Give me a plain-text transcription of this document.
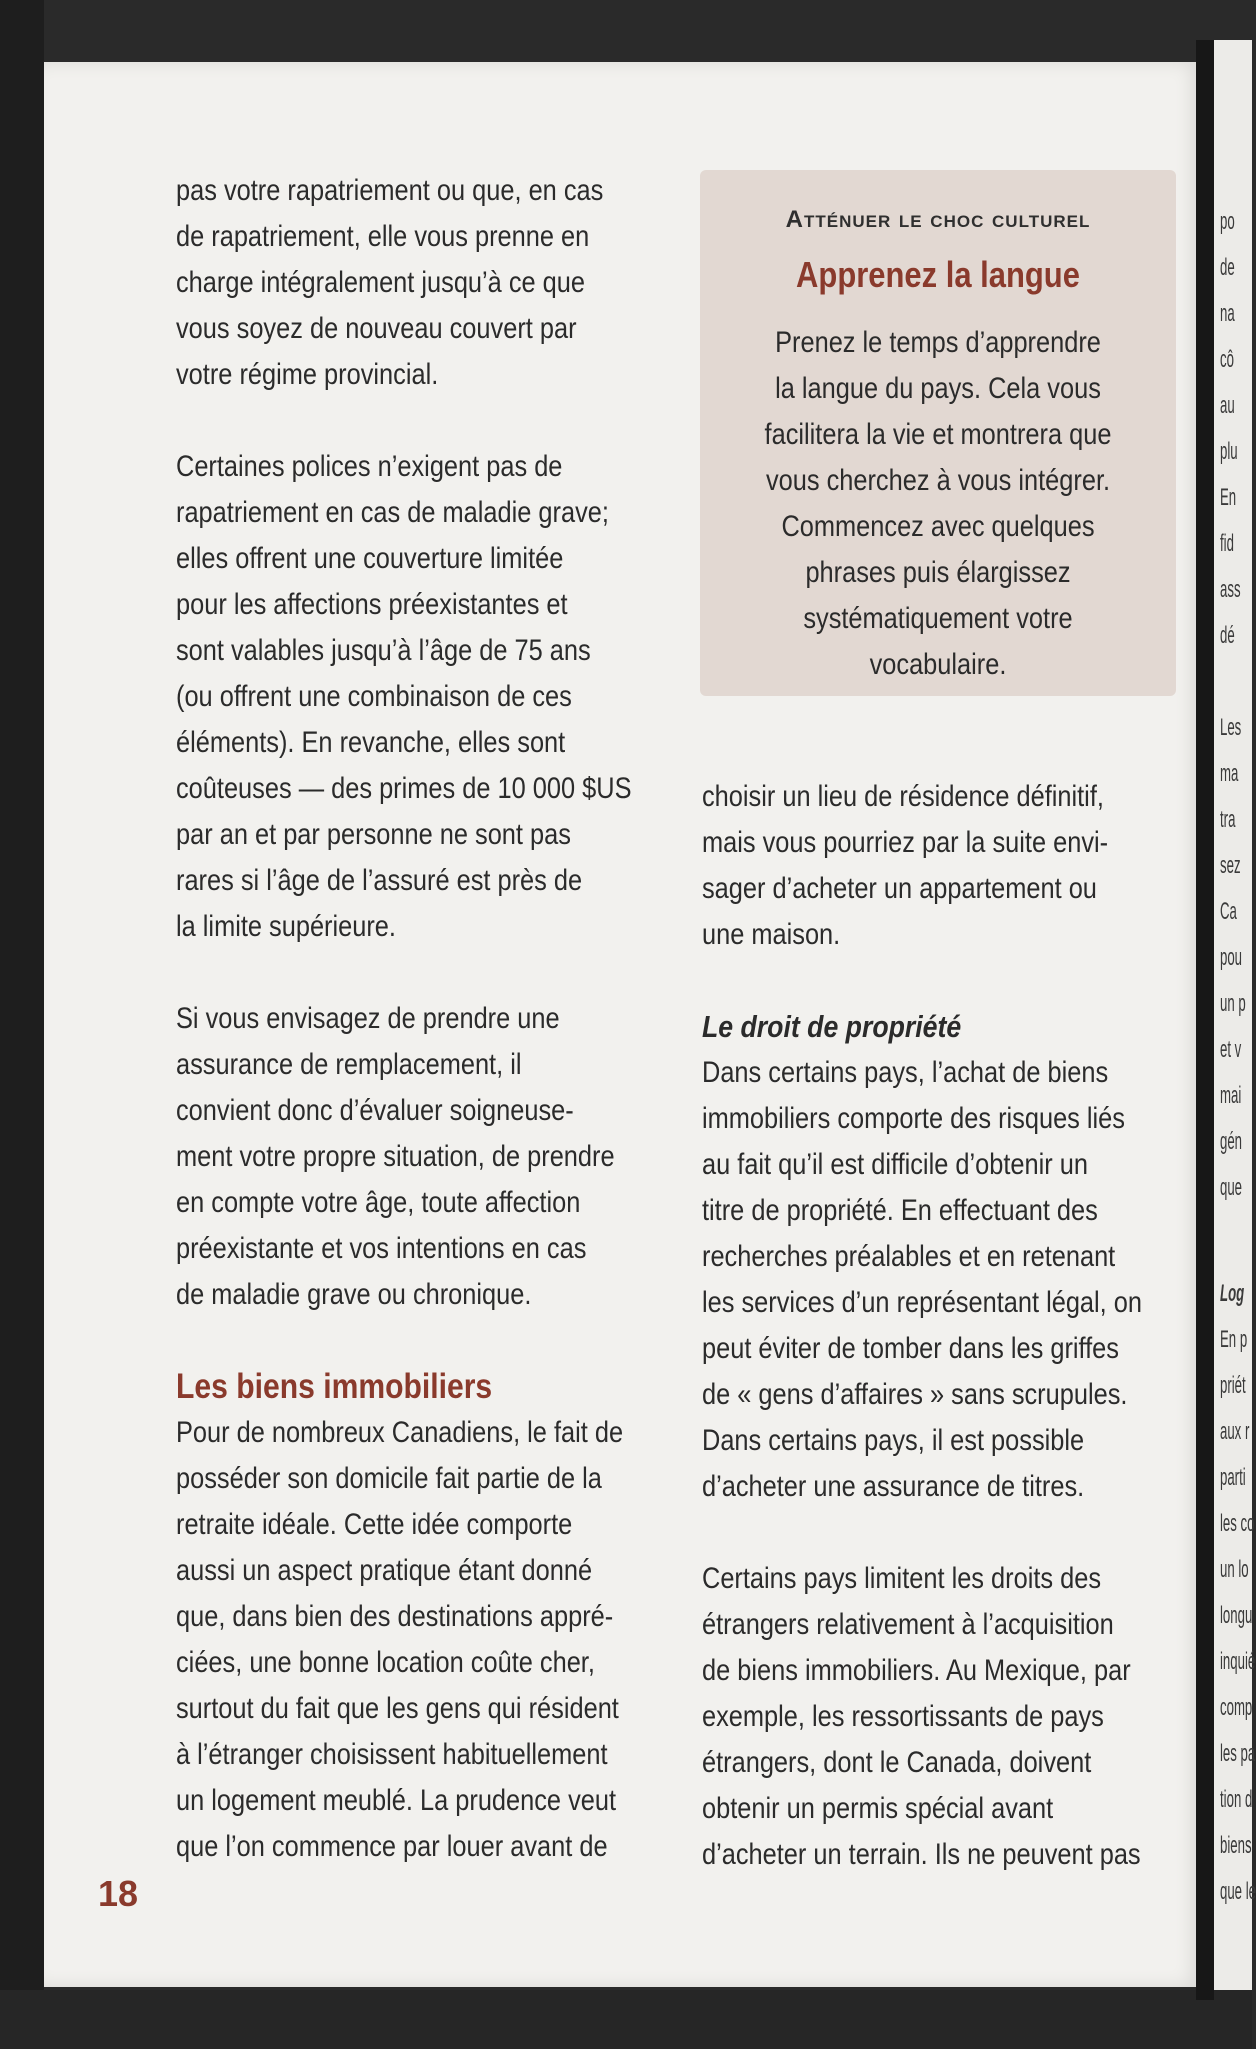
po
de
na
cô
au
plu
En
fid
ass
dé
Les
ma
tra
sez
Ca
pou
un p
et v
mai
gén
que
Log
En p
priét
aux r
parti
les co
un lo
longu
inquié
comp
les pa
tion d
biens
que le

pas votre rapatriement ou que, en cas
de rapatriement, elle vous prenne en
charge intégralement jusqu’à ce que
vous soyez de nouveau couvert par
votre régime provincial.

Certaines polices n’exigent pas de
rapatriement en cas de maladie grave;
elles offrent une couverture limitée
pour les affections préexistantes et
sont valables jusqu’à l’âge de 75 ans
(ou offrent une combinaison de ces
éléments). En revanche, elles sont
coûteuses — des primes de 10 000 $US
par an et par personne ne sont pas
rares si l’âge de l’assuré est près de
la limite supérieure.

Si vous envisagez de prendre une
assurance de remplacement, il
convient donc d’évaluer soigneuse-
ment votre propre situation, de prendre
en compte votre âge, toute affection
préexistante et vos intentions en cas
de maladie grave ou chronique.

Les biens immobiliers

Pour de nombreux Canadiens, le fait de
posséder son domicile fait partie de la
retraite idéale. Cette idée comporte
aussi un aspect pratique étant donné
que, dans bien des destinations appré-
ciées, une bonne location coûte cher,
surtout du fait que les gens qui résident
à l’étranger choisissent habituellement
un logement meublé. La prudence veut
que l’on commence par louer avant de

Atténuer le choc culturel
Apprenez la langue
Prenez le temps d’apprendre
la langue du pays. Cela vous
facilitera la vie et montrera que
vous cherchez à vous intégrer.
Commencez avec quelques
phrases puis élargissez
systématiquement votre
vocabulaire.

choisir un lieu de résidence définitif,
mais vous pourriez par la suite envi-
sager d’acheter un appartement ou
une maison.

Le droit de propriété

Dans certains pays, l’achat de biens
immobiliers comporte des risques liés
au fait qu’il est difficile d’obtenir un
titre de propriété. En effectuant des
recherches préalables et en retenant
les services d’un représentant légal, on
peut éviter de tomber dans les griffes
de « gens d’affaires » sans scrupules.
Dans certains pays, il est possible
d’acheter une assurance de titres.

Certains pays limitent les droits des
étrangers relativement à l’acquisition
de biens immobiliers. Au Mexique, par
exemple, les ressortissants de pays
étrangers, dont le Canada, doivent
obtenir un permis spécial avant
d’acheter un terrain. Ils ne peuvent pas

18
